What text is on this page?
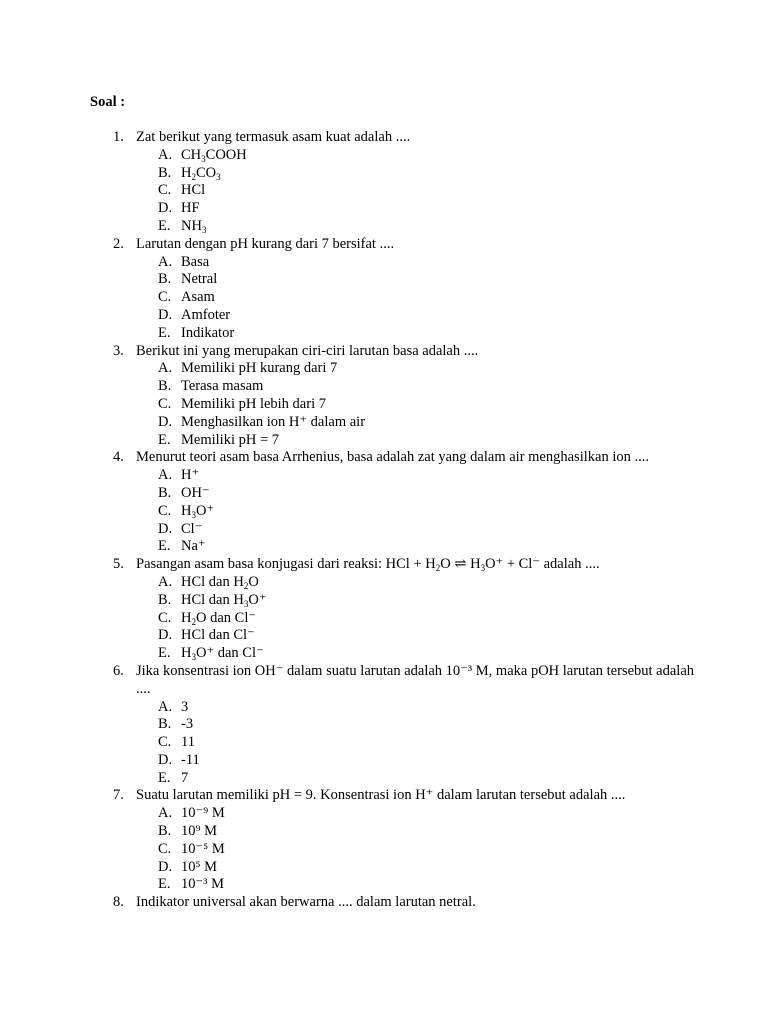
Soal :
1. Zat berikut yang termasuk asam kuat adalah ....
A. $CH_3COOH$
B. $H_2CO_3$
C. HCl
D. HF
E. $NH_3$
2. Larutan dengan pH kurang dari 7 bersifat ....
A. Basa
B. Netral
C. Asam
D. Amfoter
E. Indikator
3. Berikut ini yang merupakan ciri-ciri larutan basa adalah ....
A. Memiliki pH kurang dari 7
B. Terasa masam
C. Memiliki pH lebih dari 7
D. Menghasilkan ion H⁺ dalam air
E. Memiliki pH = 7
4. Menurut teori asam basa Arrhenius, basa adalah zat yang dalam air menghasilkan ion ....
A. H⁺
B. OH⁻
C. $H_3O^+$
D. Cl⁻
E. Na⁺
5. Pasangan asam basa konjugasi dari reaksi: HCl + $H_2O$ ⇌ $H_3O^+ + Cl^-$ adalah ....
A. HCl dan $H_2O$
B. HCl dan $H_3O^+$
C. $H_2O$ dan Cl⁻
D. HCl dan Cl⁻
E. $H_3O^+$ dan Cl⁻
6. Jika konsentrasi ion OH⁻ dalam suatu larutan adalah 10⁻³ M, maka pOH larutan tersebut adalah ....
A. 3
B. -3
C. 11
D. -11
E. 7
7. Suatu larutan memiliki pH = 9. Konsentrasi ion H⁺ dalam larutan tersebut adalah ....
A. 10⁻⁹ M
B. 10⁹ M
C. 10⁻⁵ M
D. 10⁵ M
E. 10⁻³ M
8. Indikator universal akan berwarna .... dalam larutan netral.
